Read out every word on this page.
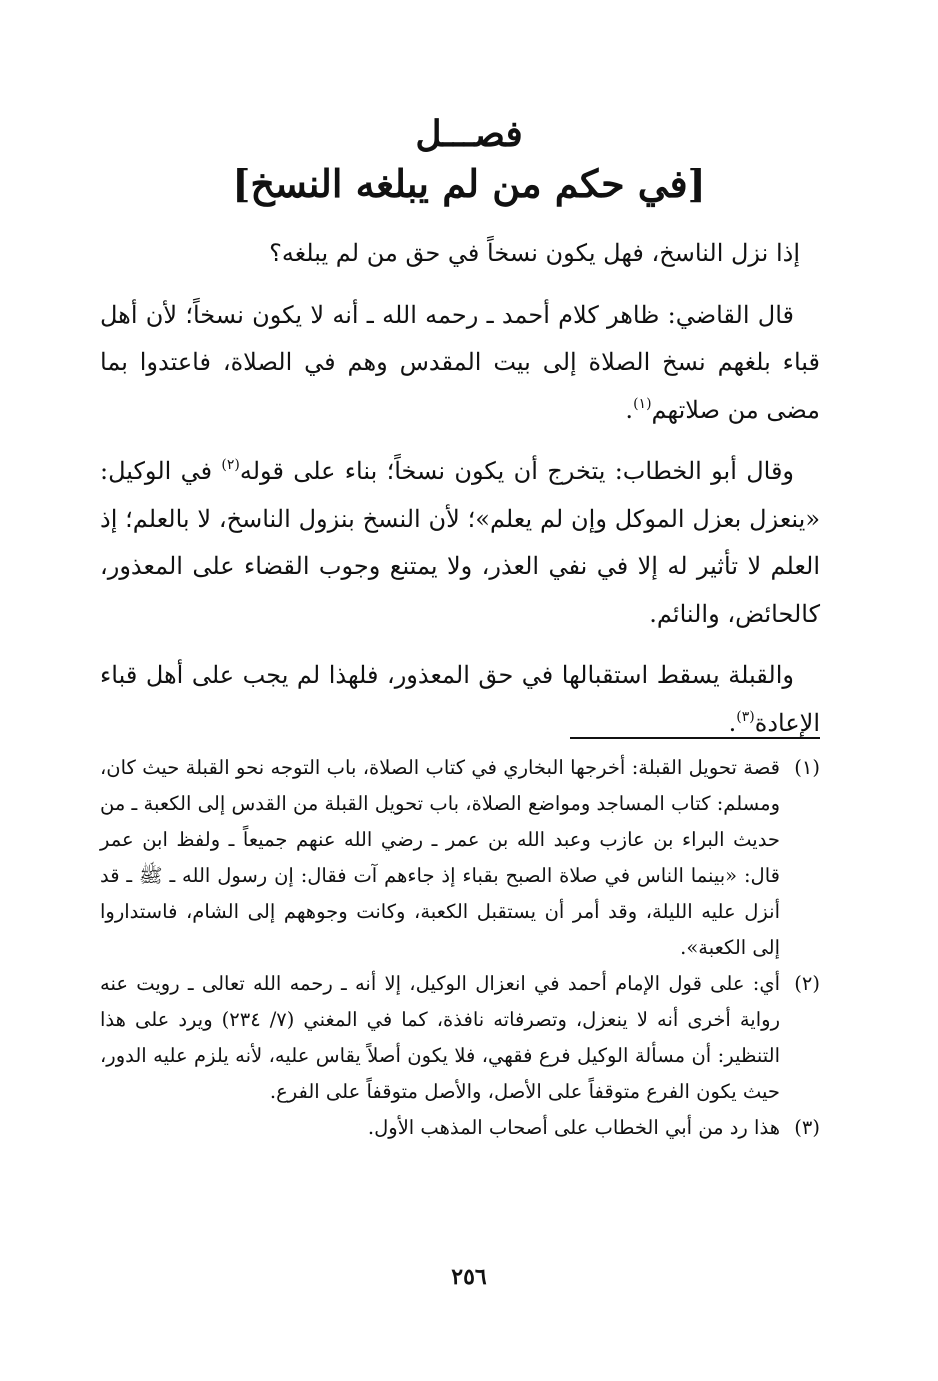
فصـــل
[في حكم من لم يبلغه النسخ]

إذا نزل الناسخ، فهل يكون نسخاً في حق من لم يبلغه؟

قال القاضي: ظاهر كلام أحمد ـ رحمه الله ـ أنه لا يكون نسخاً؛ لأن أهل قباء بلغهم نسخ الصلاة إلى بيت المقدس وهم في الصلاة، فاعتدوا بما مضى من صلاتهم$^{(١)}$.

وقال أبو الخطاب: يتخرج أن يكون نسخاً؛ بناء على قوله$^{(٢)}$ في الوكيل: «ينعزل بعزل الموكل وإن لم يعلم»؛ لأن النسخ بنزول الناسخ، لا بالعلم؛ إذ العلم لا تأثير له إلا في نفي العذر، ولا يمتنع وجوب القضاء على المعذور، كالحائض، والنائم.

والقبلة يسقط استقبالها في حق المعذور، فلهذا لم يجب على أهل قباء الإعادة$^{(٣)}$.

(١)
قصة تحويل القبلة: أخرجها البخاري في كتاب الصلاة، باب التوجه نحو القبلة حيث كان، ومسلم: كتاب المساجد ومواضع الصلاة، باب تحويل القبلة من القدس إلى الكعبة ـ من حديث البراء بن عازب وعبد الله بن عمر ـ رضي الله عنهم جميعاً ـ ولفظ ابن عمر قال: «بينما الناس في صلاة الصبح بقباء إذ جاءهم آت فقال: إن رسول الله ـ ﷺ ـ قد أنزل عليه الليلة، وقد أمر أن يستقبل الكعبة، وكانت وجوههم إلى الشام، فاستداروا إلى الكعبة».
(٢)
أي: على قول الإمام أحمد في انعزال الوكيل، إلا أنه ـ رحمه الله تعالى ـ رويت عنه رواية أخرى أنه لا ينعزل، وتصرفاته نافذة، كما في المغني (٧/ ٢٣٤) ويرد على هذا التنظير: أن مسألة الوكيل فرع فقهي، فلا يكون أصلاً يقاس عليه، لأنه يلزم عليه الدور، حيث يكون الفرع متوقفاً على الأصل، والأصل متوقفاً على الفرع.
(٣)
هذا رد من أبي الخطاب على أصحاب المذهب الأول.
٢٥٦
